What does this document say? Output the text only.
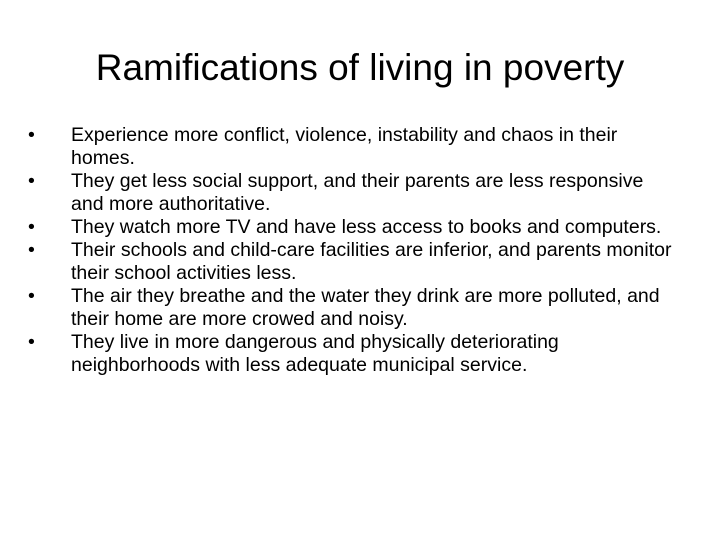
Ramifications of living in poverty
•	Experience more conflict, violence, instability and chaos in their homes.
•	They get less social support, and their parents are less responsive and more authoritative.
•	They watch more TV and have less access to books and computers.
•	Their schools and child-care facilities are inferior, and parents monitor their school activities less.
•	The air they breathe and the water they drink are more polluted, and their home are more crowed and noisy.
•	They live in more dangerous and physically deteriorating neighborhoods with less adequate municipal service.
